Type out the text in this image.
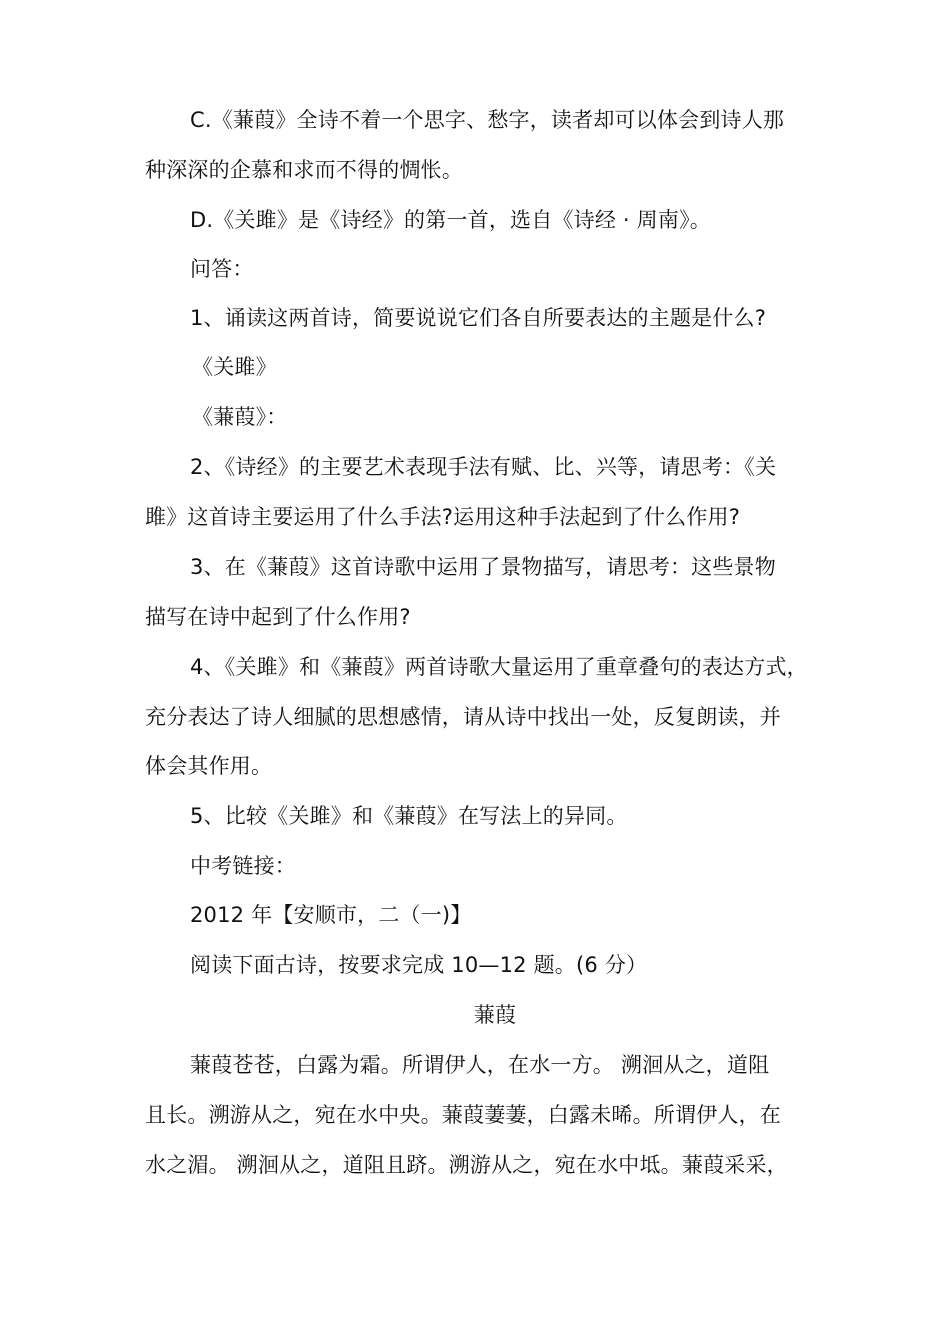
C.《蒹葭》全诗不着一个思字、愁字，读者却可以体会到诗人那
种深深的企慕和求而不得的惆怅。
D.《关雎》是《诗经》的第一首，选自《诗经 · 周南》。
问答：
1、诵读这两首诗，简要说说它们各自所要表达的主题是什么?
《关雎》
《蒹葭》：
2、《诗经》的主要艺术表现手法有赋、比、兴等，请思考：《关
雎》这首诗主要运用了什么手法?运用这种手法起到了什么作用?
3、在《蒹葭》这首诗歌中运用了景物描写，请思考：这些景物
描写在诗中起到了什么作用?
4、《关雎》和《蒹葭》两首诗歌大量运用了重章叠句的表达方式，
充分表达了诗人细腻的思想感情，请从诗中找出一处，反复朗读，并
体会其作用。
5、比较《关雎》和《蒹葭》在写法上的异同。
中考链接：
2012 年【安顺市，二（一)】
阅读下面古诗，按要求完成 10—12 题。(6 分）
蒹葭
蒹葭苍苍，白露为霜。所谓伊人，在水一方。 溯洄从之，道阻
且长。溯游从之，宛在水中央。蒹葭萋萋，白露未晞。所谓伊人，在
水之湄。 溯洄从之，道阻且跻。溯游从之，宛在水中坻。蒹葭采采，
